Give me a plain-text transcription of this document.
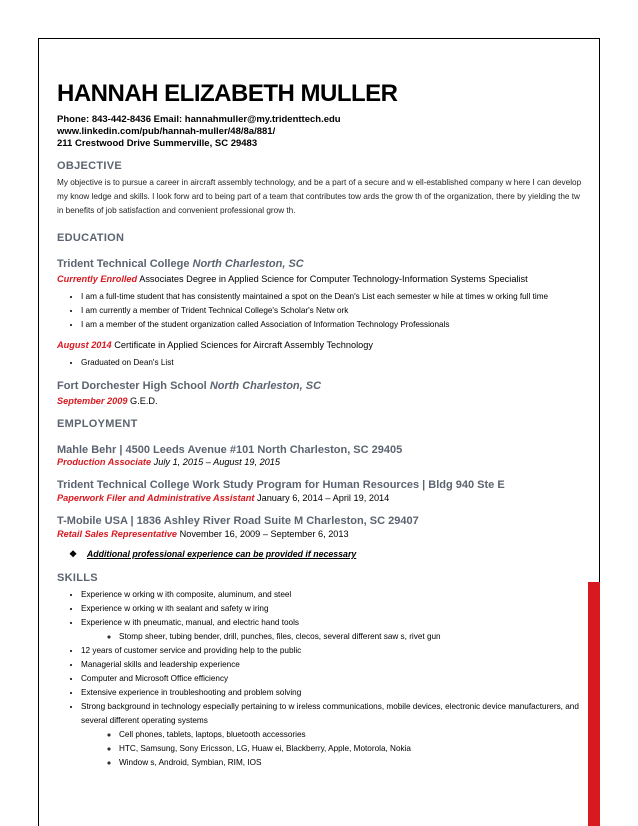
HANNAH ELIZABETH MULLER
Phone: 843-442-8436 Email: hannahmuller@my.tridenttech.edu
www.linkedin.com/pub/hannah-muller/48/8a/881/
211 Crestwood Drive Summerville, SC 29483
OBJECTIVE
My objective is to pursue a career in aircraft assembly technology, and be a part of a secure and w ell-established company w here I can develop my know ledge and skills. I look forw ard to being part of a team that contributes tow ards the grow th of the organization, there by yielding the tw in benefits of job satisfaction and convenient professional grow th.
EDUCATION
Trident Technical College North Charleston, SC
Currently Enrolled Associates Degree in Applied Science for Computer Technology-Information Systems Specialist
• I am a full-time student that has consistently maintained a spot on the Dean's List each semester w hile at times w orking full time
• I am currently a member of Trident Technical College's Scholar's Netw ork
• I am a member of the student organization called Association of Information Technology Professionals
August 2014 Certificate in Applied Sciences for Aircraft Assembly Technology
• Graduated on Dean's List
Fort Dorchester High School North Charleston, SC
September 2009 G.E.D.
EMPLOYMENT
Mahle Behr | 4500 Leeds Avenue #101 North Charleston, SC 29405
Production Associate July 1, 2015 – August 19, 2015
Trident Technical College Work Study Program for Human Resources | Bldg 940 Ste E
Paperwork Filer and Administrative Assistant January 6, 2014 – April 19, 2014
T-Mobile USA | 1836 Ashley River Road Suite M Charleston, SC 29407
Retail Sales Representative November 16, 2009 – September 6, 2013
❖ Additional professional experience can be provided if necessary
SKILLS
• Experience w orking w ith composite, aluminum, and steel
• Experience w orking w ith sealant and safety w iring
• Experience w ith pneumatic, manual, and electric hand tools
◦ Stomp sheer, tubing bender, drill, punches, files, clecos, several different saw s, rivet gun
• 12 years of customer service and providing help to the public
• Managerial skills and leadership experience
• Computer and Microsoft Office efficiency
• Extensive experience in troubleshooting and problem solving
• Strong background in technology especially pertaining to w ireless communications, mobile devices, electronic device manufacturers, and several different operating systems
◦ Cell phones, tablets, laptops, bluetooth accessories
◦ HTC, Samsung, Sony Ericsson, LG, Huaw ei, Blackberry, Apple, Motorola, Nokia
◦ Window s, Android, Symbian, RIM, IOS
